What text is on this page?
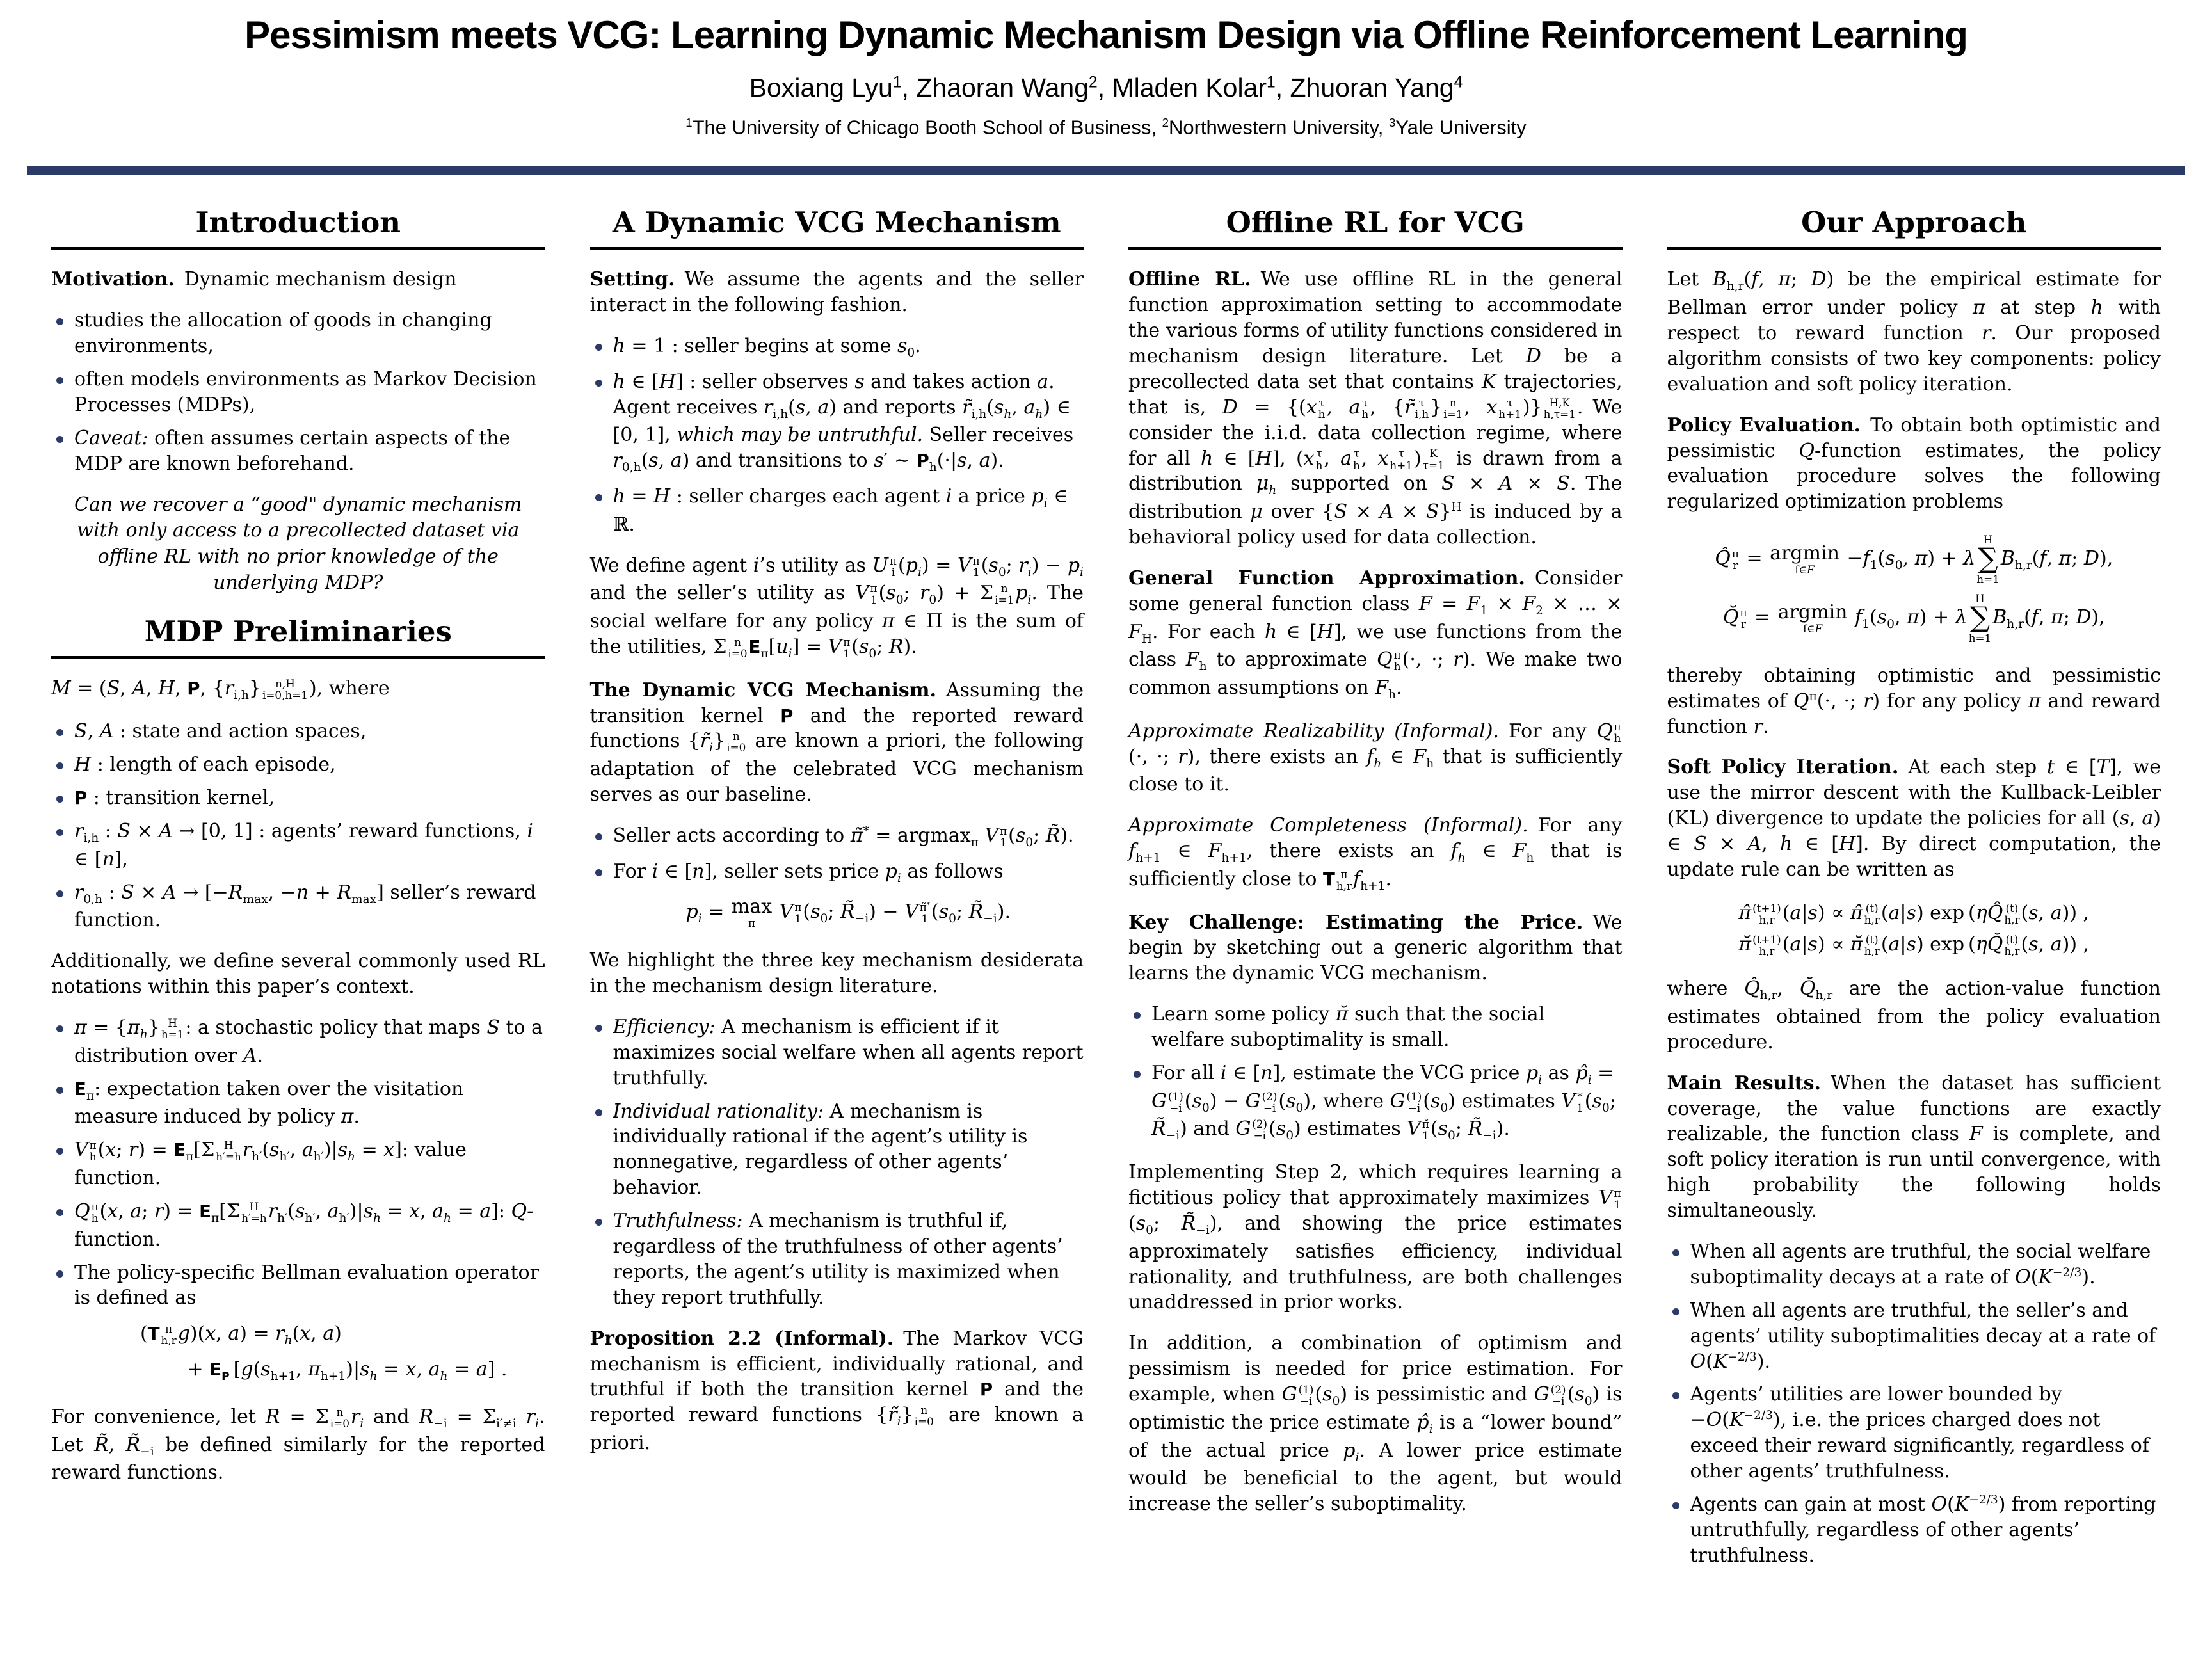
Pessimism meets VCG: Learning Dynamic Mechanism Design via Offline Reinforcement Learning
Boxiang Lyu$^1$, Zhaoran Wang$^2$, Mladen Kolar$^1$, Zhuoran Yang$^4$
$^1$The University of Chicago Booth School of Business, $^2$Northwestern University, $^3$Yale University
Introduction
Motivation. Dynamic mechanism design
studies the allocation of goods in changing environments,
often models environments as Markov Decision Processes (MDPs),
Caveat: often assumes certain aspects of the MDP are known beforehand.
Can we recover a “good" dynamic mechanism with only access to a precollected dataset via offline RL with no prior knowledge of the underlying MDP?
MDP Preliminaries
M = (S, A, H, P, $\{r_{i,h}\}$ n,H
i=0,h=1 ), where
S, A : state and action spaces,
H : length of each episode,
P : transition kernel,
$r_{i,h}$ : S × A → [0, 1] : agents’ reward functions, i ∈ [n],
$r_{0,h}$ : $S \times A \to [-R_{max}$, $-n + R_{max}$] seller’s reward function.
Additionally, we define several commonly used RL notations within this paper’s context.
$\pi = \{\pi_h\}$ H
h=1 : a stochastic policy that maps S to a distribution over A.
$E_\pi$: expectation taken over the visitation measure induced by policy π.
V π
h (x; $r) = E_\pi[\Sigma$ H
h′=h $r_{h'}(s_{h'}$, $a_{h'})|s_h = x$]: value function.
Q π
h (x, a; $r) = E_\pi[\Sigma$ H
h′=h $r_{h'}(s_{h'}$, $a_{h'})|s_h = x$, $a_h = a$]: Q-function.
The policy-specific Bellman evaluation operator is defined as
(T π
h,r g)(x, $a) = r_h(x$, a)
+ $E_P$ [$g(s_{h+1}$, $\pi_{h+1})|s_h = x$, $a_h = a$] .
For convenience, let R = Σ n
i=0 $r_i$ and $R_{-i} = \Sigma_{i'\ne i}$ $r_i$. Let R̃, $R̃_{-i}$ be defined similarly for the reported reward functions.
A Dynamic VCG Mechanism
Setting. We assume the agents and the seller interact in the following fashion.
h = 1 : seller begins at some $s_0$.
h ∈ [H] : seller observes s and takes action a. Agent receives $r_{i,h}(s$, a) and reports $r̃_{i,h}(s_h$, $a_h$) ∈ [0, 1], which may be untruthful. Seller receives $r_{0,h}(s$, a) and transitions to s′ ∼ $P_h(\cdot|s$, a).
h = H : seller charges each agent i a price $p_i$ ∈ ℝ.
We define agent i’s utility as U π
i $(p_i) = V$ π
1 ($s_0$; $r_i) - p_i$ and the seller’s utility as V π
1 ($s_0$; $r_0) + \Sigma$ n
i=1 $p_i$. The social welfare for any policy π ∈ Π is the sum of the utilities, Σ n
i=0 $E_\pi[u_i] = V$ π
1 ($s_0$; R).
The Dynamic VCG Mechanism. Assuming the transition kernel P and the reported reward functions $\{r̃_i\}$ n
i=0 are known a priori, the following adaptation of the celebrated VCG mechanism serves as our baseline.
Seller acts according to π̃* = argmax$_\pi$ V π
1 ($s_0$; R̃).
For i ∈ [n], seller sets price $p_i$ as follows
$p_i = \max$
π V π
1 ($s_0$; $R̃_{-i}) - V$ π̃*
1 ($s_0$; $R̃_{-i}$).
We highlight the three key mechanism desiderata in the mechanism design literature.
Efficiency: A mechanism is efficient if it maximizes social welfare when all agents report truthfully.
Individual rationality: A mechanism is individually rational if the agent’s utility is nonnegative, regardless of other agents’ behavior.
Truthfulness: A mechanism is truthful if, regardless of the truthfulness of other agents’ reports, the agent’s utility is maximized when they report truthfully.
Proposition 2.2 (Informal). The Markov VCG mechanism is efficient, individually rational, and truthful if both the transition kernel P and the reported reward functions $\{r̃_i\}$ n
i=0 are known a priori.
Offline RL for VCG
Offline RL. We use offline RL in the general function approximation setting to accommodate the various forms of utility functions considered in mechanism design literature. Let D be a precollected data set that contains K trajectories, that is, D = {(x τ
h , a τ
h , {r̃ τ
i,h } n
i=1 , x τ
h+1 )} H,K
h,τ=1 . We consider the i.i.d. data collection regime, where for all h ∈ [H], (x τ
h , a τ
h , x τ
h+1 ) K
τ=1 is drawn from a distribution $\mu_h$ supported on S × A × S. The distribution μ over $\{S \times A \times S\}^H$ is induced by a behavioral policy used for data collection.
General Function Approximation. Consider some general function class $F = F_1 \times F_2$ × … × $F_H$. For each h ∈ [H], we use functions from the class $F_h$ to approximate Q π
h (·, ·; r). We make two common assumptions on $F_h$.
Approximate Realizability (Informal). For any Q π
h
(·, ·; r), there exists an $f_h$ ∈ $F_h$ that is sufficiently close to it.
Approximate Completeness (Informal). For any $f_{h+1}$ ∈ $F_{h+1}$, there exists an $f_h$ ∈ $F_h$ that is sufficiently close to T π
h,r $f_{h+1}$.
Key Challenge: Estimating the Price. We begin by sketching out a generic algorithm that learns the dynamic VCG mechanism.
Learn some policy π̆ such that the social welfare suboptimality is small.
For all i ∈ [n], estimate the VCG price $p_i$ as $p̂_i = G$ (1)
−i $(s_0) - G$ (2)
−i $(s_0)$, where G (1)
−i $(s_0)$ estimates V *
1 ($s_0$; $R̃_{-i}$) and G (2)
−i $(s_0)$ estimates V π̆
1 ($s_0$; $R̃_{-i}$).
Implementing Step 2, which requires learning a fictitious policy that approximately maximizes V π
1
($s_0$; $R̃_{-i}$), and showing the price estimates approximately satisfies efficiency, individual rationality, and truthfulness, are both challenges unaddressed in prior works.
In addition, a combination of optimism and pessimism is needed for price estimation. For example, when G (1)
−i $(s_0)$ is pessimistic and G (2)
−i $(s_0)$ is optimistic the price estimate $p̂_i$ is a “lower bound” of the actual price $p_i$. A lower price estimate would be beneficial to the agent, but would increase the seller’s suboptimality.
Our Approach
Let $B_{h,r}(f$, π; D) be the empirical estimate for Bellman error under policy π at step h with respect to reward function r. Our proposed algorithm consists of two key components: policy evaluation and soft policy iteration.
Policy Evaluation. To obtain both optimistic and pessimistic Q-function estimates, the policy evaluation procedure solves the following regularized optimization problems
Q̂ π
r = argmin
f∈F $-f_1(s_0$, π) + λ
H
∑
h=1
$B_{h,r}(f$, π; D),
Q̆ π
r = argmin
f∈F $f_1(s_0$, π) + λ
H
∑
h=1
$B_{h,r}(f$, π; D),
thereby obtaining optimistic and pessimistic estimates of $Q^\pi(\cdot$, ·; r) for any policy π and reward function r.
Soft Policy Iteration. At each step t ∈ [T], we use the mirror descent with the Kullback-Leibler (KL) divergence to update the policies for all (s, a) ∈ S × A, h ∈ [H]. By direct computation, the update rule can be written as
π̂ (t+1)
h,r (a|s) ∝ π̂ (t)
h,r (a|s) exp (ηQ̂ (t)
h,r (s, a)) ,
π̆ (t+1)
h,r (a|s) ∝ π̆ (t)
h,r (a|s) exp (ηQ̆ (t)
h,r (s, a)) ,
where $Q̂_{h,r}$, $Q̆_{h,r}$ are the action-value function estimates obtained from the policy evaluation procedure.
Main Results. When the dataset has sufficient coverage, the value functions are exactly realizable, the function class F is complete, and soft policy iteration is run until convergence, with high probability the following holds simultaneously.
When all agents are truthful, the social welfare suboptimality decays at a rate of $O(K^{-2/3})$.
When all agents are truthful, the seller’s and agents’ utility suboptimalities decay at a rate of $O(K^{-2/3})$.
Agents’ utilities are lower bounded by $-O(K^{-2/3})$, i.e. the prices charged does not exceed their reward significantly, regardless of other agents’ truthfulness.
Agents can gain at most $O(K^{-2/3})$ from reporting untruthfully, regardless of other agents’ truthfulness.
